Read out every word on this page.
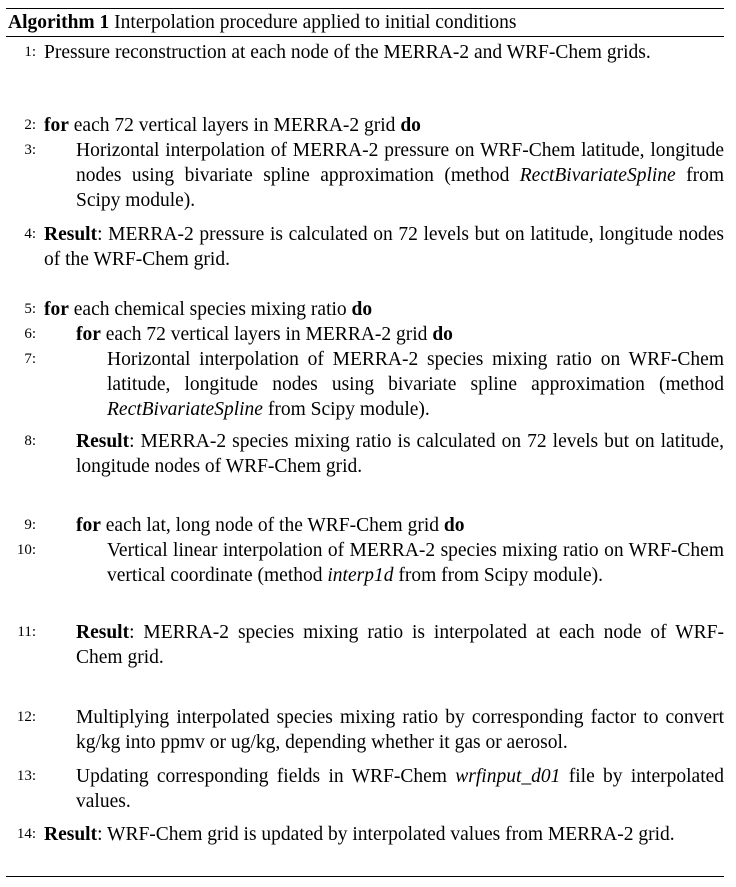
Algorithm 1 Interpolation procedure applied to initial conditions
1: Pressure reconstruction at each node of the MERRA-2 and WRF-Chem grids.
2: for each 72 vertical layers in MERRA-2 grid do
3: Horizontal interpolation of MERRA-2 pressure on WRF-Chem latitude, longitude nodes using bivariate spline approximation (method RectBivariateSpline from Scipy module).
4: Result: MERRA-2 pressure is calculated on 72 levels but on latitude, longitude nodes of the WRF-Chem grid.
5: for each chemical species mixing ratio do
6: for each 72 vertical layers in MERRA-2 grid do
7:	Horizontal interpolation of MERRA-2 species mixing ratio on WRF-Chem latitude, longitude nodes using bivariate spline approximation (method RectBivariateSpline from Scipy module).
8: Result: MERRA-2 species mixing ratio is calculated on 72 levels but on latitude, longitude nodes of WRF-Chem grid.
9: for each lat, long node of the WRF-Chem grid do
10:	Vertical linear interpolation of MERRA-2 species mixing ratio on WRF-Chem vertical coordinate (method interp1d from from Scipy module).
11: Result: MERRA-2 species mixing ratio is interpolated at each node of WRF-Chem grid.
12: Multiplying interpolated species mixing ratio by corresponding factor to convert kg/kg into ppmv or ug/kg, depending whether it gas or aerosol.
13: Updating corresponding fields in WRF-Chem wrfinput_d01 file by interpolated values.
14: Result: WRF-Chem grid is updated by interpolated values from MERRA-2 grid.
